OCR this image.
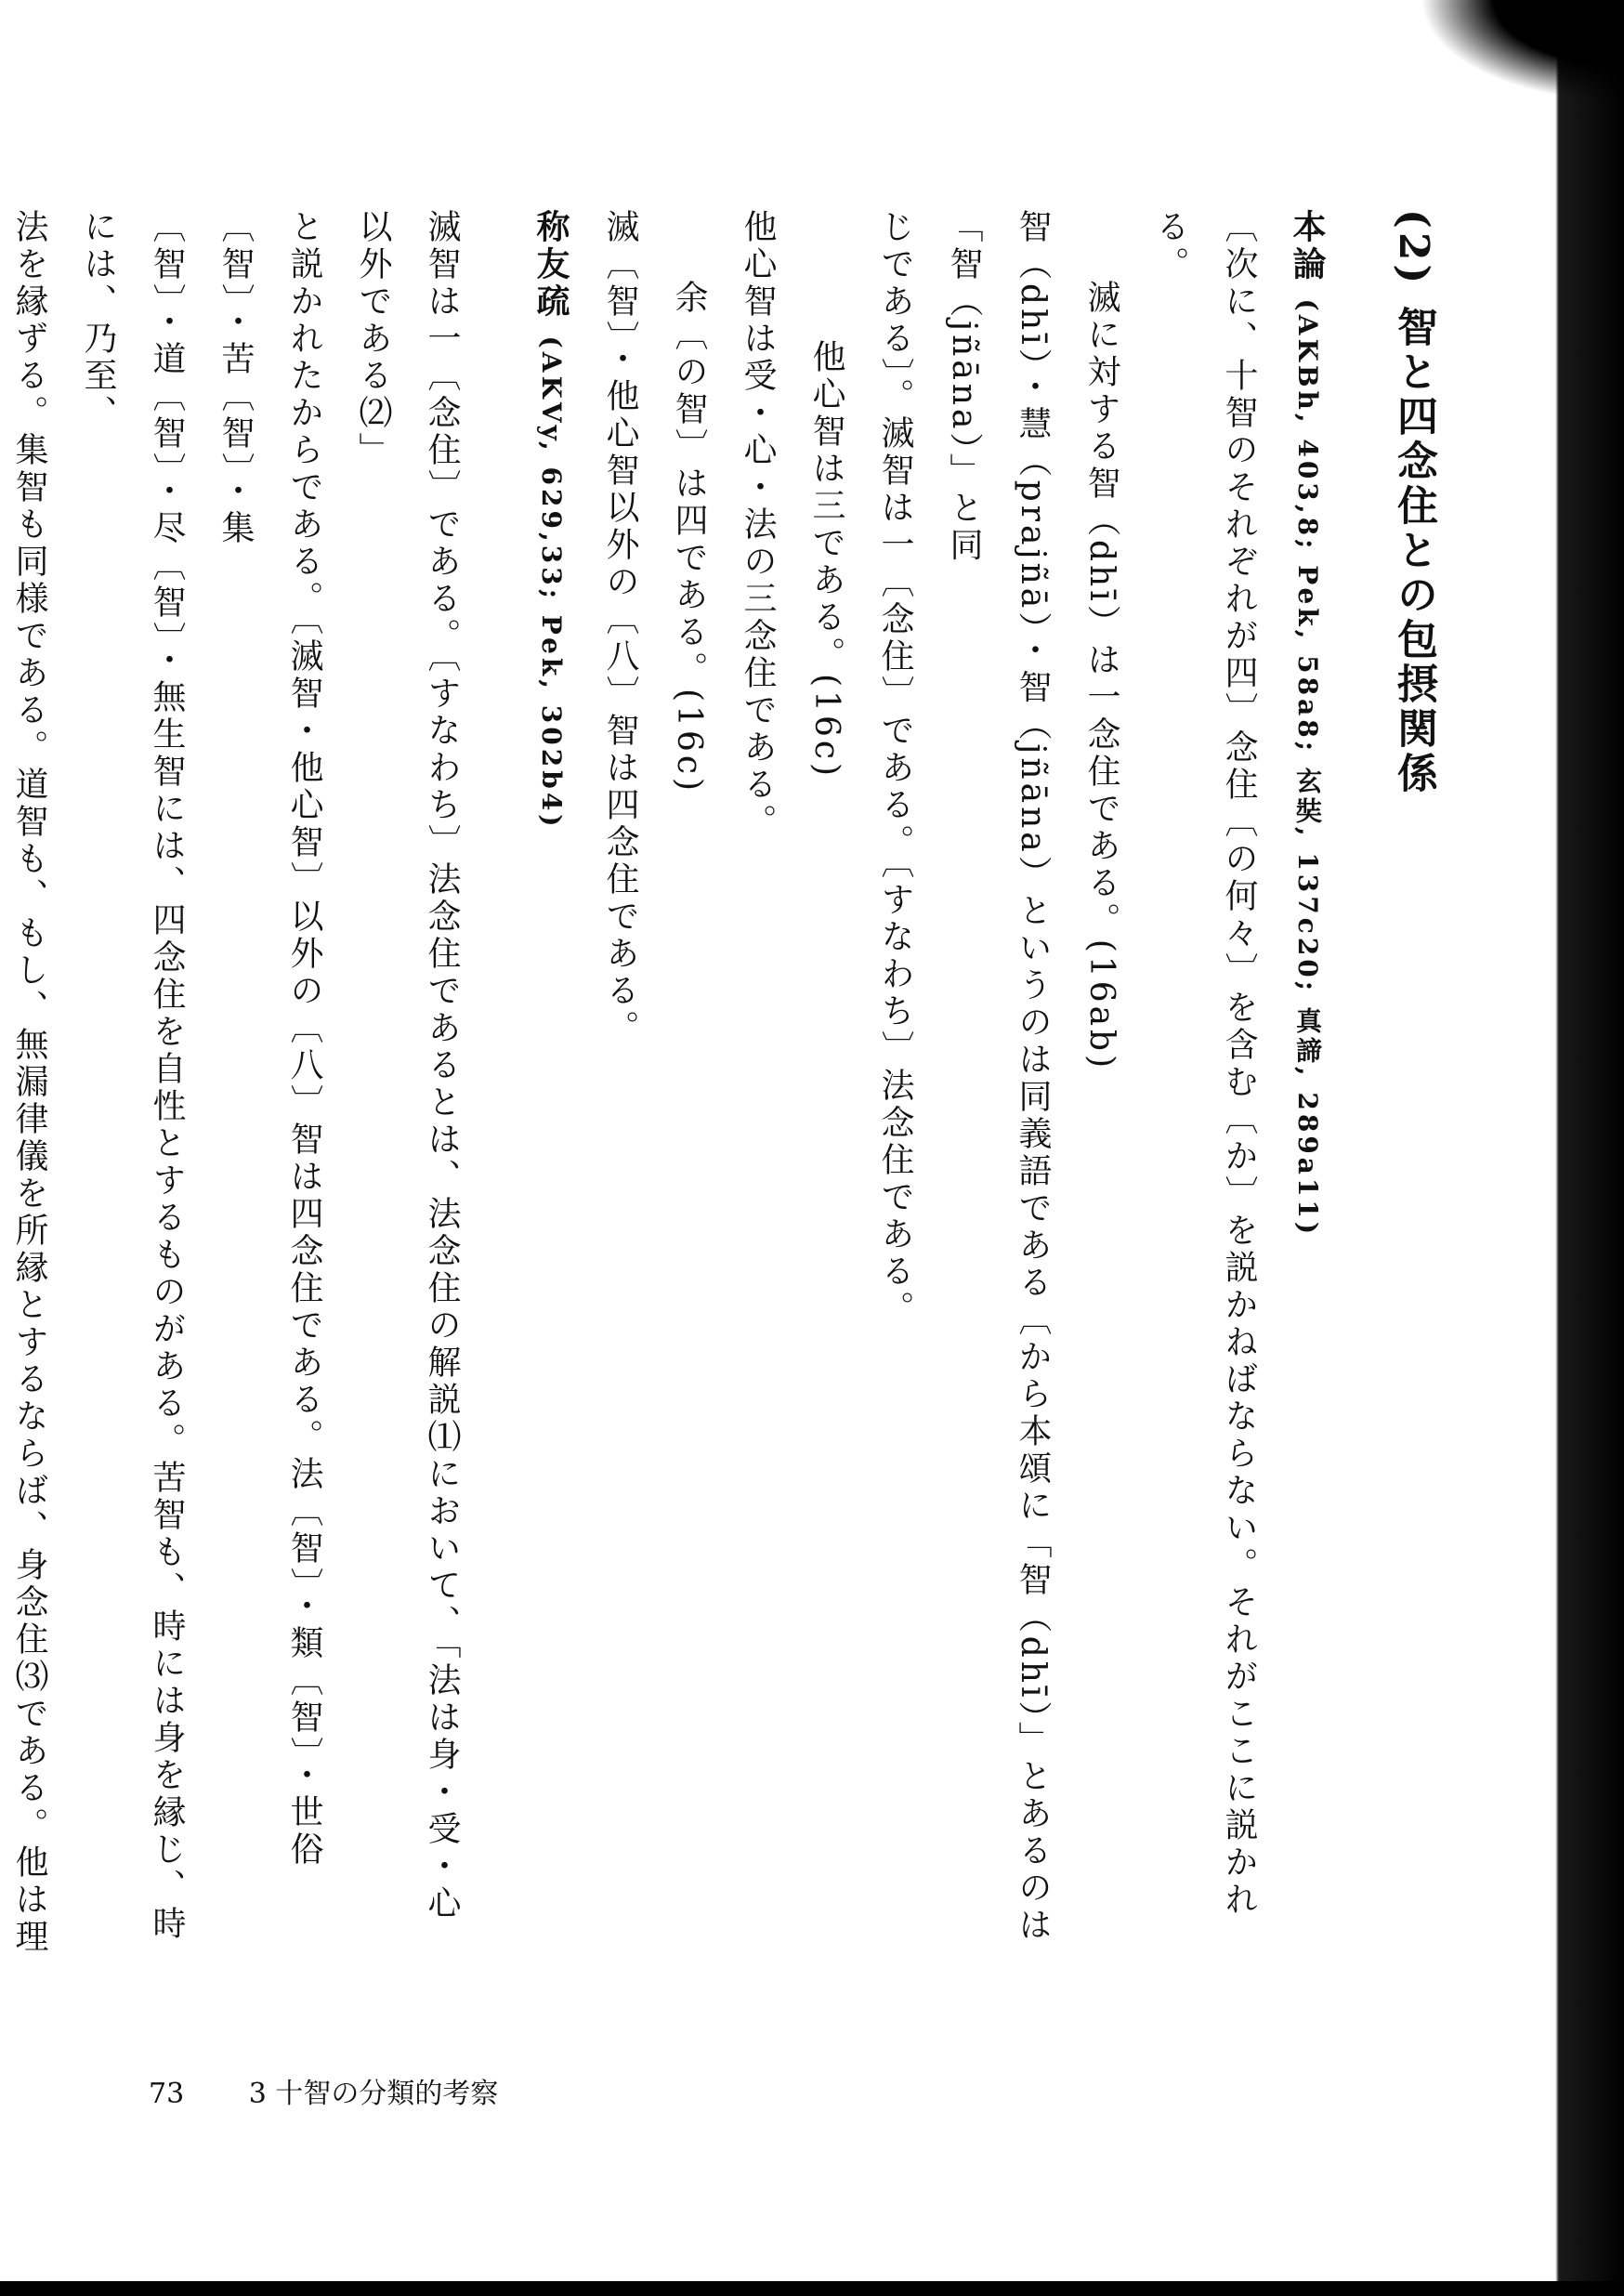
(2) 智と四念住との包摂関係
本論 (AKBh, 403,8; Pek, 58a8; 玄奘, 137c20; 真諦, 289a11)
〔次に、十智のそれぞれが四〕念住〔の何々〕を含む〔か〕を説かねばならない。それがここに説かれる。
滅に対する智（dhī）は一念住である。(16ab)
智（dhī）・慧（prajñā）・智（jñāna）というのは同義語である〔から本頌に「智（dhī）」とあるのは「智（jñāna）」と同
じである〕。滅智は一〔念住〕である。〔すなわち〕法念住である。
他心智は三である。(16c)
他心智は受・心・法の三念住である。
余〔の智〕は四である。(16c)
滅〔智〕・他心智以外の〔八〕智は四念住である。
称友疏 (AKVy, 629,33; Pek, 302b4)
滅智は一〔念住〕である。〔すなわち〕法念住であるとは、法念住の解説⑴において、「法は身・受・心以外である⑵」
と説かれたからである。〔滅智・他心智〕以外の〔八〕智は四念住である。法〔智〕・類〔智〕・世俗〔智〕・苦〔智〕・集
〔智〕・道〔智〕・尽〔智〕・無生智には、四念住を自性とするものがある。苦智も、時には身を縁じ、時には、乃至、
法を縁ずる。集智も同様である。道智も、もし、無漏律儀を所縁とするならば、身念住⑶である。他は理
73 3 十智の分類的考察
